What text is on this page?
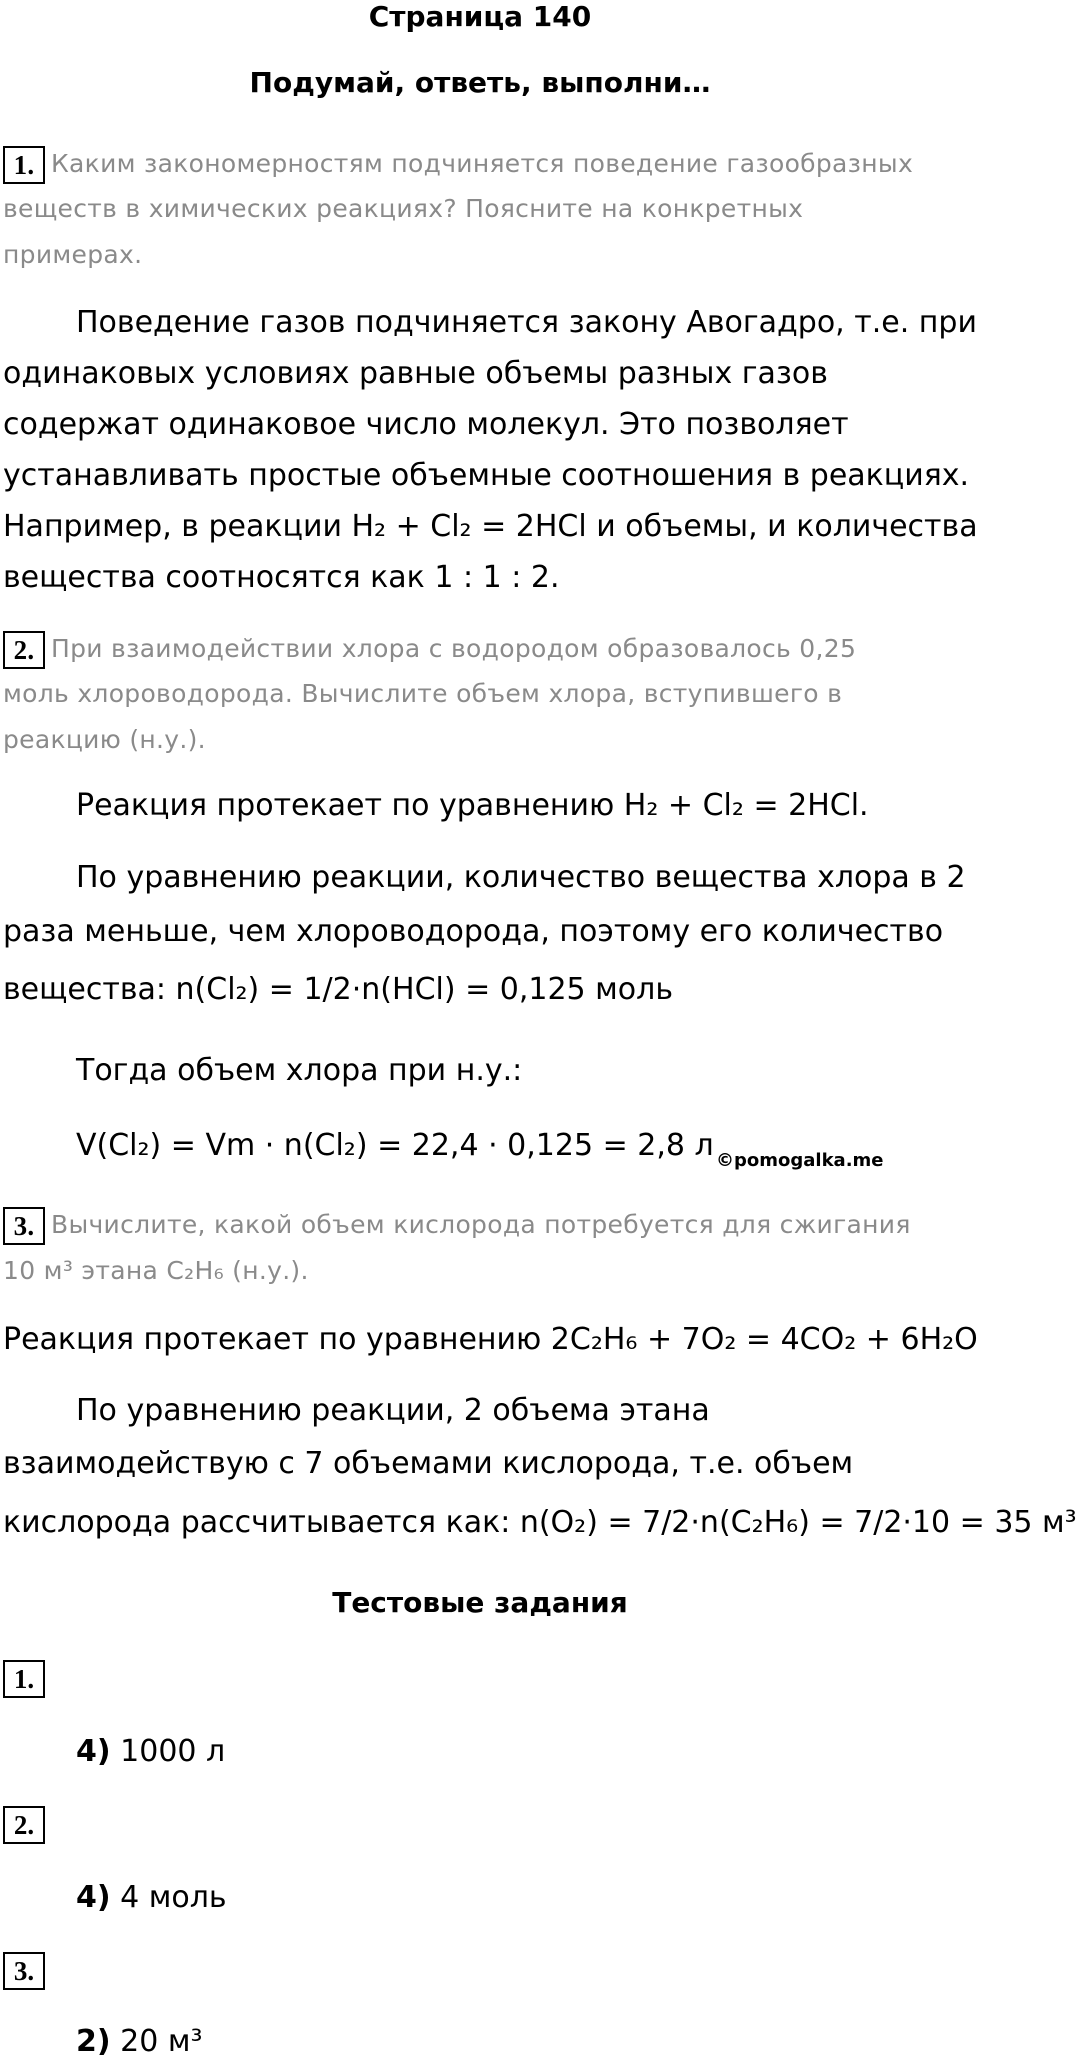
Страница 140
Подумай, ответь, выполни…
1. Каким закономерностям подчиняется поведение газообразных
веществ в химических реакциях? Поясните на конкретных
примерах.
Поведение газов подчиняется закону Авогадро, т.е. при
одинаковых условиях равные объемы разных газов
содержат одинаковое число молекул. Это позволяет
устанавливать простые объемные соотношения в реакциях.
Например, в реакции H₂ + Cl₂ = 2HCl и объемы, и количества
вещества соотносятся как 1 : 1 : 2.
2. При взаимодействии хлора с водородом образовалось 0,25
моль хлороводорода. Вычислите объем хлора, вступившего в
реакцию (н.у.).
Реакция протекает по уравнению H₂ + Cl₂ = 2HCl.
По уравнению реакции, количество вещества хлора в 2
раза меньше, чем хлороводорода, поэтому его количество
вещества: n(Cl₂) = 1/2·n(HCl) = 0,125 моль
Тогда объем хлора при н.у.:
V(Cl₂) = Vm · n(Cl₂) = 22,4 · 0,125 = 2,8 л ©pomogalka.me
3. Вычислите, какой объем кислорода потребуется для сжигания
10 м³ этана C₂H₆ (н.у.).
Реакция протекает по уравнению 2C₂H₆ + 7O₂ = 4CO₂ + 6H₂O
По уравнению реакции, 2 объема этана
взаимодействую с 7 объемами кислорода, т.е. объем
кислорода рассчитывается как: n(O₂) = 7/2·n(C₂H₆) = 7/2·10 = 35 м³
Тестовые задания
1.
4) 1000 л
2.
4) 4 моль
3.
2) 20 м³
